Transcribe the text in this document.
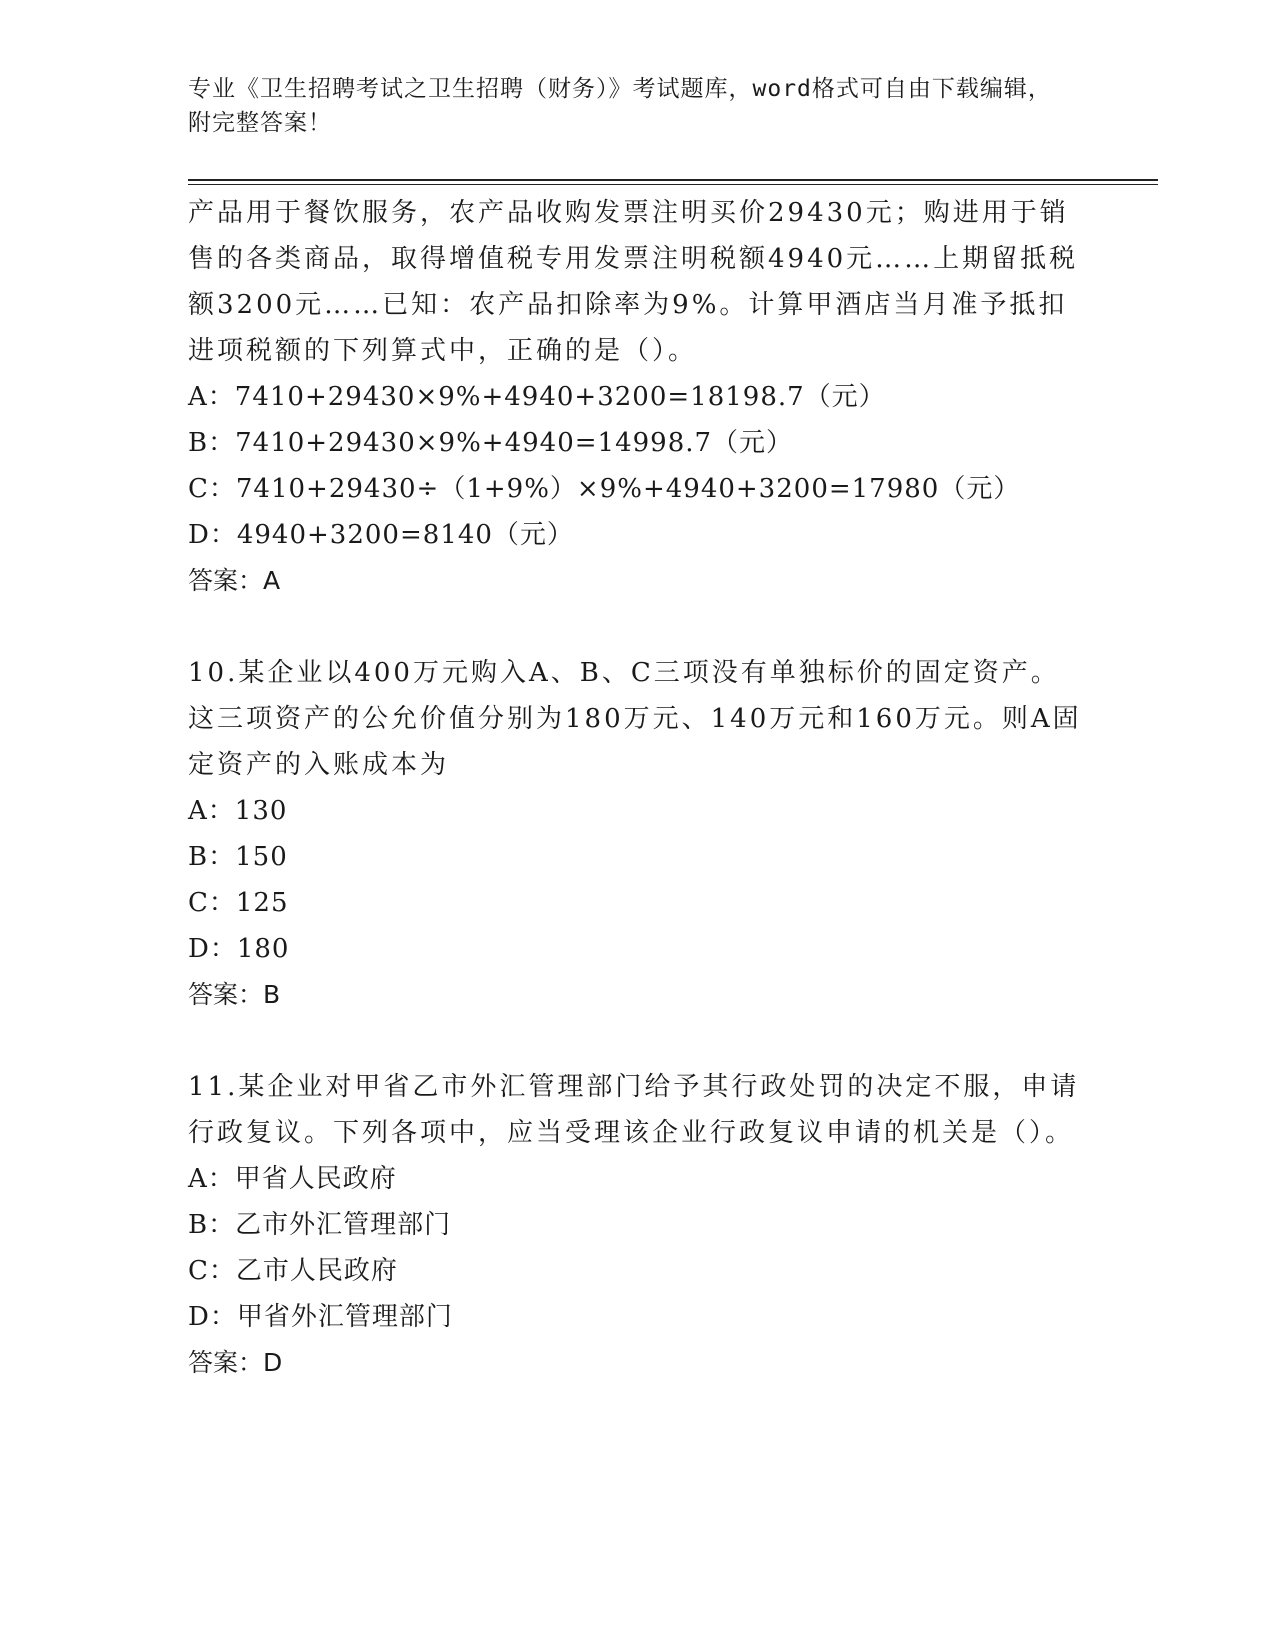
专业《卫生招聘考试之卫生招聘（财务）》考试题库，word格式可自由下载编辑，附完整答案！

产品用于餐饮服务，农产品收购发票注明买价29430元；购进用于销售的各类商品，取得增值税专用发票注明税额4940元……上期留抵税额3200元……已知：农产品扣除率为9%。计算甲酒店当月准予抵扣进项税额的下列算式中，正确的是（）。

A：7410+29430×9%+4940+3200=18198.7（元）

B：7410+29430×9%+4940=14998.7（元）

C：7410+29430÷（1+9%）×9%+4940+3200=17980（元）

D：4940+3200=8140（元）

答案：A

10.某企业以400万元购入A、B、C三项没有单独标价的固定资产。这三项资产的公允价值分别为180万元、140万元和160万元。则A固定资产的入账成本为

A：130

B：150

C：125

D：180

答案：B

11.某企业对甲省乙市外汇管理部门给予其行政处罚的决定不服，申请行政复议。下列各项中，应当受理该企业行政复议申请的机关是（）。

A：甲省人民政府

B：乙市外汇管理部门

C：乙市人民政府

D：甲省外汇管理部门

答案：D
